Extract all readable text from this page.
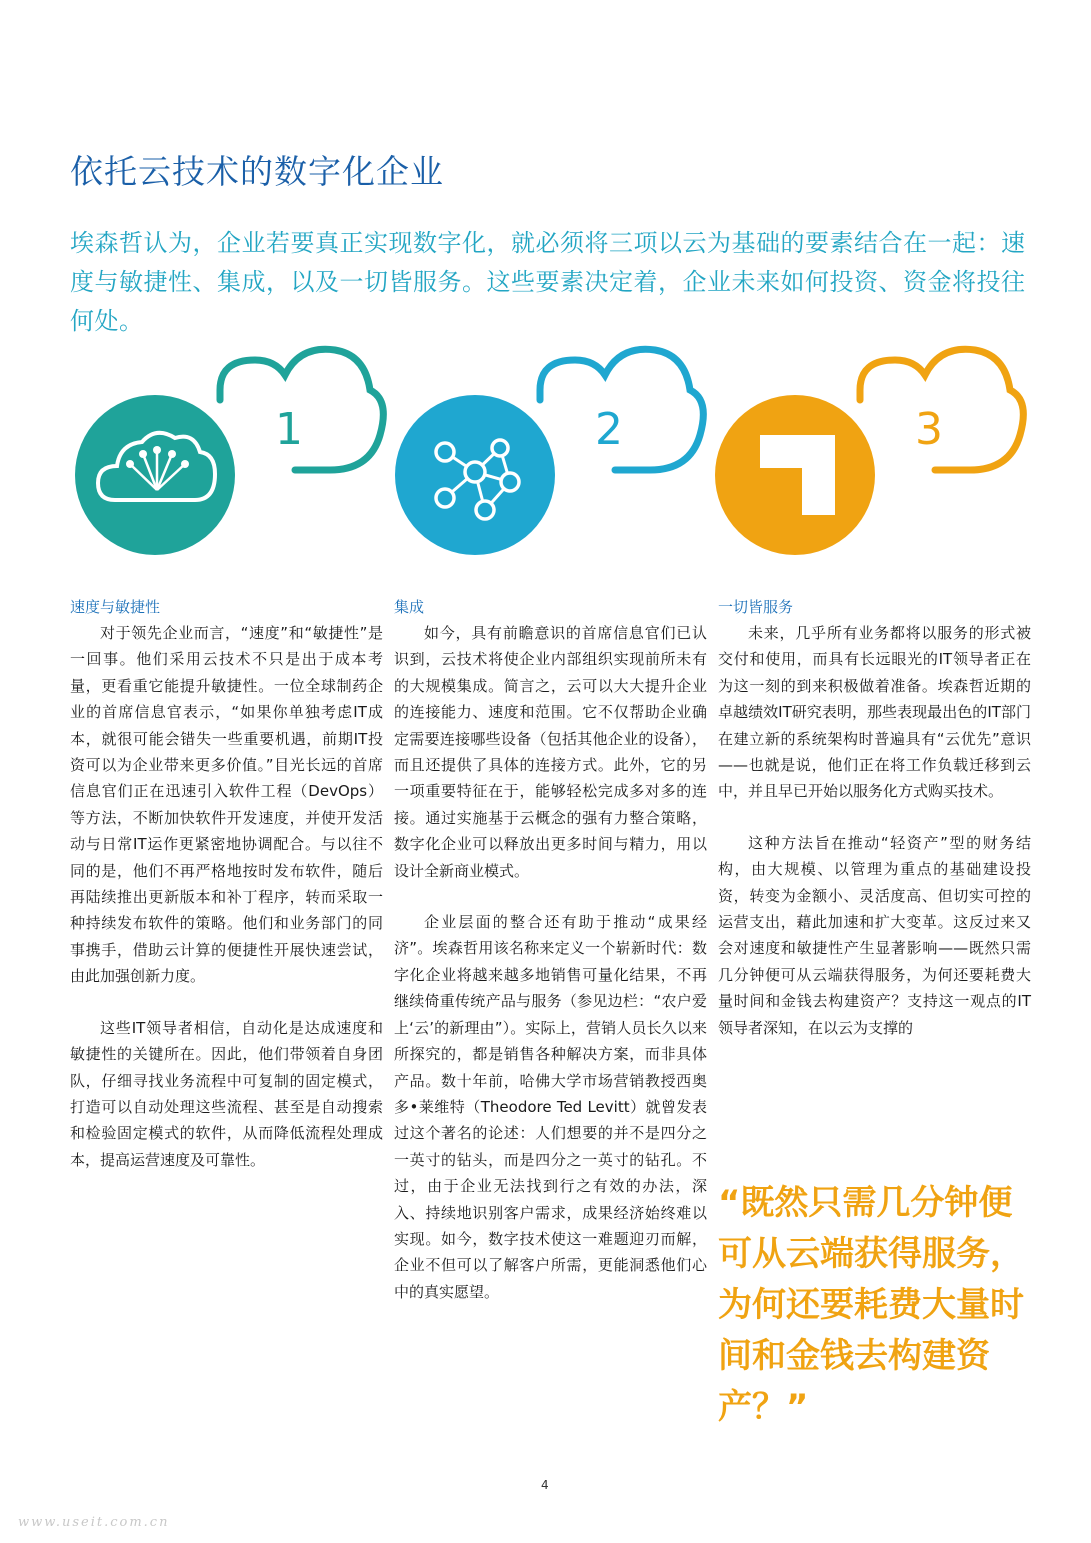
依托云技术的数字化企业

埃森哲认为，企业若要真正实现数字化，就必须将三项以云为基础的要素结合在一起：速度与敏捷性、集成，以及一切皆服务。这些要素决定着，企业未来如何投资、资金将投往何处。

1	2	3
速度与敏捷性

对于领先企业而言，“速度”和“敏捷性”是一回事。他们采用云技术不只是出于成本考量，更看重它能提升敏捷性。一位全球制药企业的首席信息官表示，“如果你单独考虑IT成本，就很可能会错失一些重要机遇，前期IT投资可以为企业带来更多价值。”目光长远的首席信息官们正在迅速引入软件工程（DevOps）等方法，不断加快软件开发速度，并使开发活动与日常IT运作更紧密地协调配合。与以往不同的是，他们不再严格地按时发布软件，随后再陆续推出更新版本和补丁程序，转而采取一种持续发布软件的策略。他们和业务部门的同事携手，借助云计算的便捷性开展快速尝试，由此加强创新力度。

这些IT领导者相信，自动化是达成速度和敏捷性的关键所在。因此，他们带领着自身团队，仔细寻找业务流程中可复制的固定模式，打造可以自动处理这些流程、甚至是自动搜索和检验固定模式的软件，从而降低流程处理成本，提高运营速度及可靠性。

集成

如今，具有前瞻意识的首席信息官们已认识到，云技术将使企业内部组织实现前所未有的大规模集成。简言之，云可以大大提升企业的连接能力、速度和范围。它不仅帮助企业确定需要连接哪些设备（包括其他企业的设备），而且还提供了具体的连接方式。此外，它的另一项重要特征在于，能够轻松完成多对多的连接。通过实施基于云概念的强有力整合策略，数字化企业可以释放出更多时间与精力，用以设计全新商业模式。

企业层面的整合还有助于推动“成果经济”。埃森哲用该名称来定义一个崭新时代：数字化企业将越来越多地销售可量化结果，不再继续倚重传统产品与服务（参见边栏：“农户爱上‘云’的新理由”）。实际上，营销人员长久以来所探究的，都是销售各种解决方案，而非具体产品。数十年前，哈佛大学市场营销教授西奥多•莱维特（Theodore Ted Levitt）就曾发表过这个著名的论述：人们想要的并不是四分之一英寸的钻头，而是四分之一英寸的钻孔。不过，由于企业无法找到行之有效的办法，深入、持续地识别客户需求，成果经济始终难以实现。如今，数字技术使这一难题迎刃而解，企业不但可以了解客户所需，更能洞悉他们心中的真实愿望。

一切皆服务

未来，几乎所有业务都将以服务的形式被交付和使用，而具有长远眼光的IT领导者正在为这一刻的到来积极做着准备。埃森哲近期的卓越绩效IT研究表明，那些表现最出色的IT部门在建立新的系统架构时普遍具有“云优先”意识——也就是说，他们正在将工作负载迁移到云中，并且早已开始以服务化方式购买技术。

这种方法旨在推动“轻资产”型的财务结构，由大规模、以管理为重点的基础建设投资，转变为金额小、灵活度高、但切实可控的运营支出，藉此加速和扩大变革。这反过来又会对速度和敏捷性产生显著影响——既然只需几分钟便可从云端获得服务，为何还要耗费大量时间和金钱去构建资产？支持这一观点的IT领导者深知，在以云为支撑的

“既然只需几分钟便可从云端获得服务，为何还要耗费大量时间和金钱去构建资产？”

4
www.useit.com.cn
